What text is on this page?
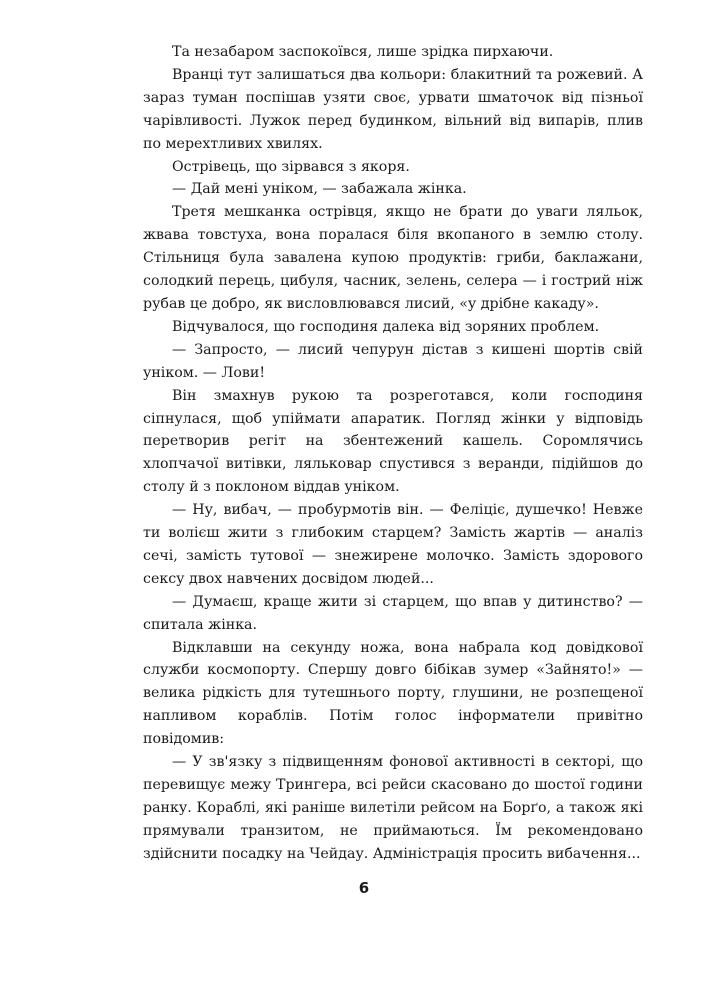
Та незабаром заспокоївся, лише зрідка пирхаючи.

Вранці тут залишаться два кольори: блакитний та рожевий. А зараз туман поспішав узяти своє, урвати шматочок від пізньої чарівливості. Лужок перед будинком, вільний від випарів, плив по мерехтливих хвилях.

Острівець, що зірвався з якоря.

— Дай мені унiком, — забажала жінка.

Третя мешканка острівця, якщо не брати до уваги ляльок, жвава товстуха, вона поралася біля вкопаного в землю столу. Стільниця була завалена купою продуктів: гриби, баклажани, солодкий перець, цибуля, часник, зелень, селера — і гострий ніж рубав це добро, як висловлювався лисий, «у дрібне какаду».

Відчувалося, що господиня далека від зоряних проблем.

— Запросто, — лисий чепурун дістав з кишені шортів свій унiком. — Лови!

Він змахнув рукою та розреготався, коли господиня сіпнулася, щоб упіймати апаратик. Погляд жінки у відповідь перетворив регіт на збентежений кашель. Соромлячись хлопчачої витівки, ляльковар спустився з веранди, підійшов до столу й з поклоном віддав унiком.

— Ну, вибач, — пробурмотів він. — Феліціє, душечко! Невже ти волієш жити з глибоким старцем? Замість жартів — аналіз сечі, замість тутової — знежирене молочко. Замість здорового сексу двох навчених досвідом людей...

— Думаєш, краще жити зі старцем, що впав у дитинство? — спитала жінка.

Відклавши на секунду ножа, вона набрала код довідкової служби космопорту. Спершу довго бібікав зумер «Зайнято!» — велика рідкість для тутешнього порту, глушини, не розпещеної напливом кораблів. Потім голос інформатели привітно повідомив:

— У зв'язку з підвищенням фонової активності в секторі, що перевищує межу Трингера, всі рейси скасовано до шостої години ранку. Кораблі, які раніше вилетіли рейсом на Борґо, а також які прямували транзитом, не приймаються. Їм рекомендовано здійснити посадку на Чейдау. Адміністрація просить вибачення...

6
